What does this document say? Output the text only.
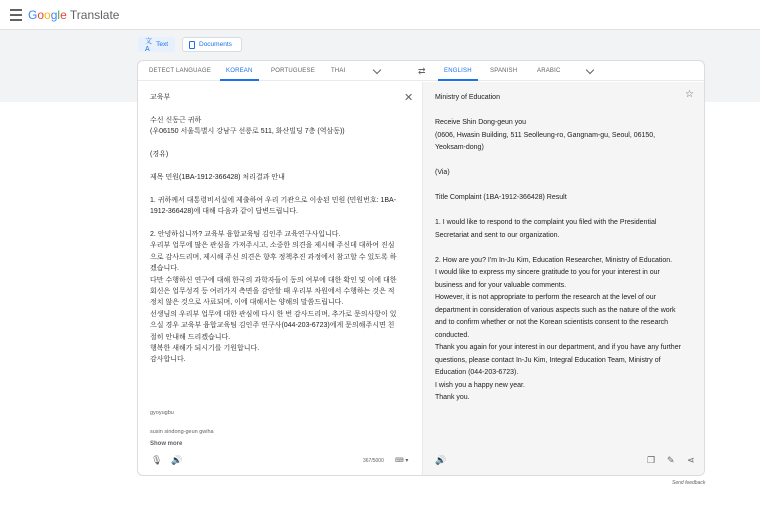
Google Translate
文A
Text	Documents
DETECT LANGUAGE	KOREAN	PORTUGUESE	THAI	⇄	ENGLISH	SPANISH	ARABIC
교육부

수신 신동근 귀하
(우06150 서울특별시 강남구 선릉로 511, 화산빌딩 7층 (역삼동))

(경유)

제목 민원(1BA-1912-366428) 처리결과 안내

1. 귀하께서 대통령비서실에 제출하여 우리 기관으로 이송된 민원 (민원번호: 1BA-1912-366428)에 대해 다음과 같이 답변드립니다.

2. 안녕하십니까? 교육부 융합교육팀 김인주 교육연구사입니다.
우리부 업무에 많은 관심을 가져주시고, 소중한 의견을 제시해 주신데 대하여 진심으로 감사드리며, 제시해 주신 의견은 향후 정책추진 과정에서 참고할 수 있도록 하겠습니다.
다만 수행하신 연구에 대해 한국의 과학자들이 동의 여부에 대한 확인 및 이에 대한 회신은 업무성격 등 여러가지 측면을 감안할 때 우리부 차원에서 수행하는 것은 적정치 않은 것으로 사료되며, 이에 대해서는 양해의 말씀드립니다.
선생님의 우리부 업무에 대한 관심에 다시 한 번 감사드리며, 추가로 문의사항이 있으실 경우 교육부 융합교육팀 김인주 연구사(044-203-6723)에게 문의해주시면 친절히 안내해 드리겠습니다.
행복한 새해가 되시기를 기원합니다.
감사합니다.
✕
gyoyugbu
susin sindong-geun gwiha
Show more
🎙 🔊	367/5000 ⌨ ▾
Ministry of Education

Receive Shin Dong-geun you
(0606, Hwasin Building, 511 Seolleung-ro, Gangnam-gu, Seoul, 06150, Yeoksam-dong)

(Via)

Title Complaint (1BA-1912-366428) Result

1. I would like to respond to the complaint you filed with the Presidential Secretariat and sent to our organization.

2. How are you? I'm In-Ju Kim, Education Researcher, Ministry of Education.
I would like to express my sincere gratitude to you for your interest in our business and for your valuable comments.
However, it is not appropriate to perform the research at the level of our department in consideration of various aspects such as the nature of the work and to confirm whether or not the Korean scientists consent to the research conducted.
Thank you again for your interest in our department, and if you have any further questions, please contact In-Ju Kim, Integral Education Team, Ministry of Education (044-203-6723).
I wish you a happy new year.
Thank you.
☆
🔊	❐ ✎ ⋖
Send feedback
